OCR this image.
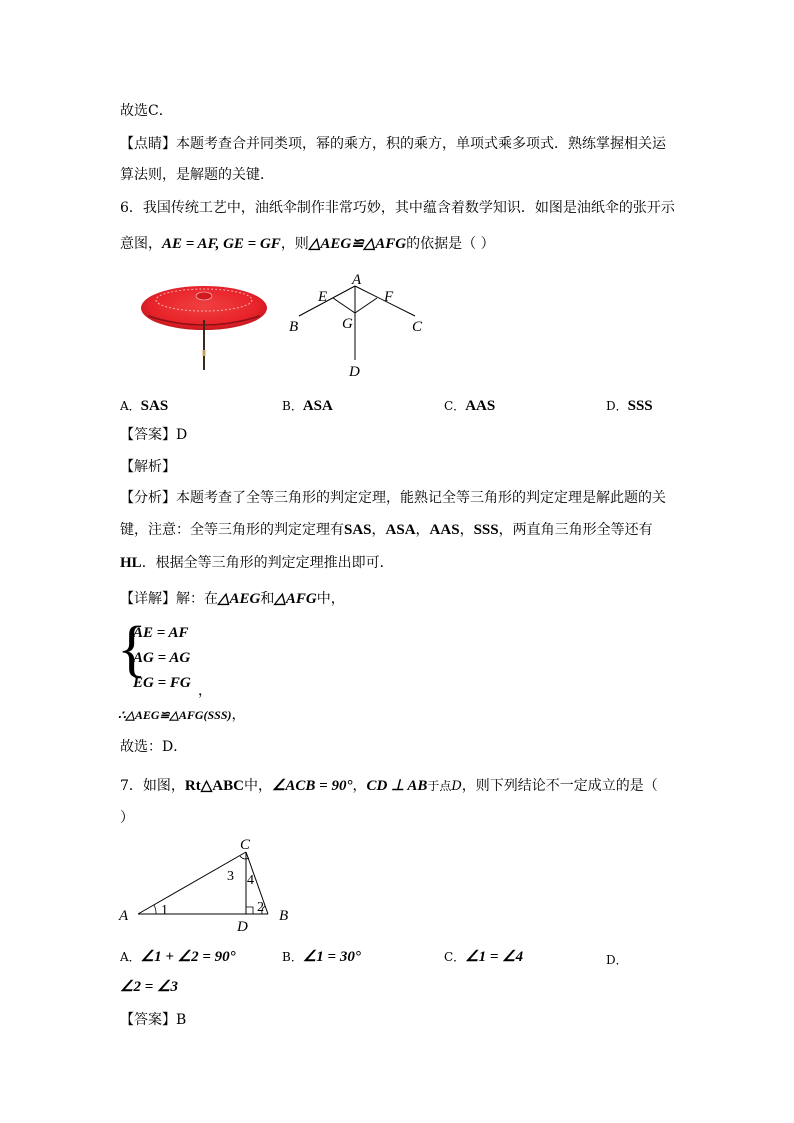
故选C．
【点睛】本题考查合并同类项，幂的乘方，积的乘方，单项式乘多项式．熟练掌握相关运
算法则，是解题的关键．
6．我国传统工艺中，油纸伞制作非常巧妙，其中蕴含着数学知识．如图是油纸伞的张开示
意图，AE = AF, GE = GF，则△AEG≌△AFG的依据是（ ）
A
E	F
G
B	C
D
A．SAS	B．ASA	C．AAS	D．SSS
【答案】D
【解析】
【分析】本题考查了全等三角形的判定定理，能熟记全等三角形的判定定理是解此题的关
键，注意：全等三角形的判定定理有SAS，ASA，AAS，SSS，两直角三角形全等还有
HL．根据全等三角形的判定定理推出即可．
【详解】解：在△AEG和△AFG中，
{
AE = AF
AG = AG
EG = FG ，
∴△AEG≌△AFG(SSS)，
故选：D．
7．如图，Rt△ABC中，∠ACB = 90°，CD ⊥ AB于点D，则下列结论不一定成立的是（
）
C
A	B
D
1	2
3 4
A．∠1 + ∠2 = 90°	B．∠1 = 30°	C．∠1 = ∠4	D．
∠2 = ∠3
【答案】B
